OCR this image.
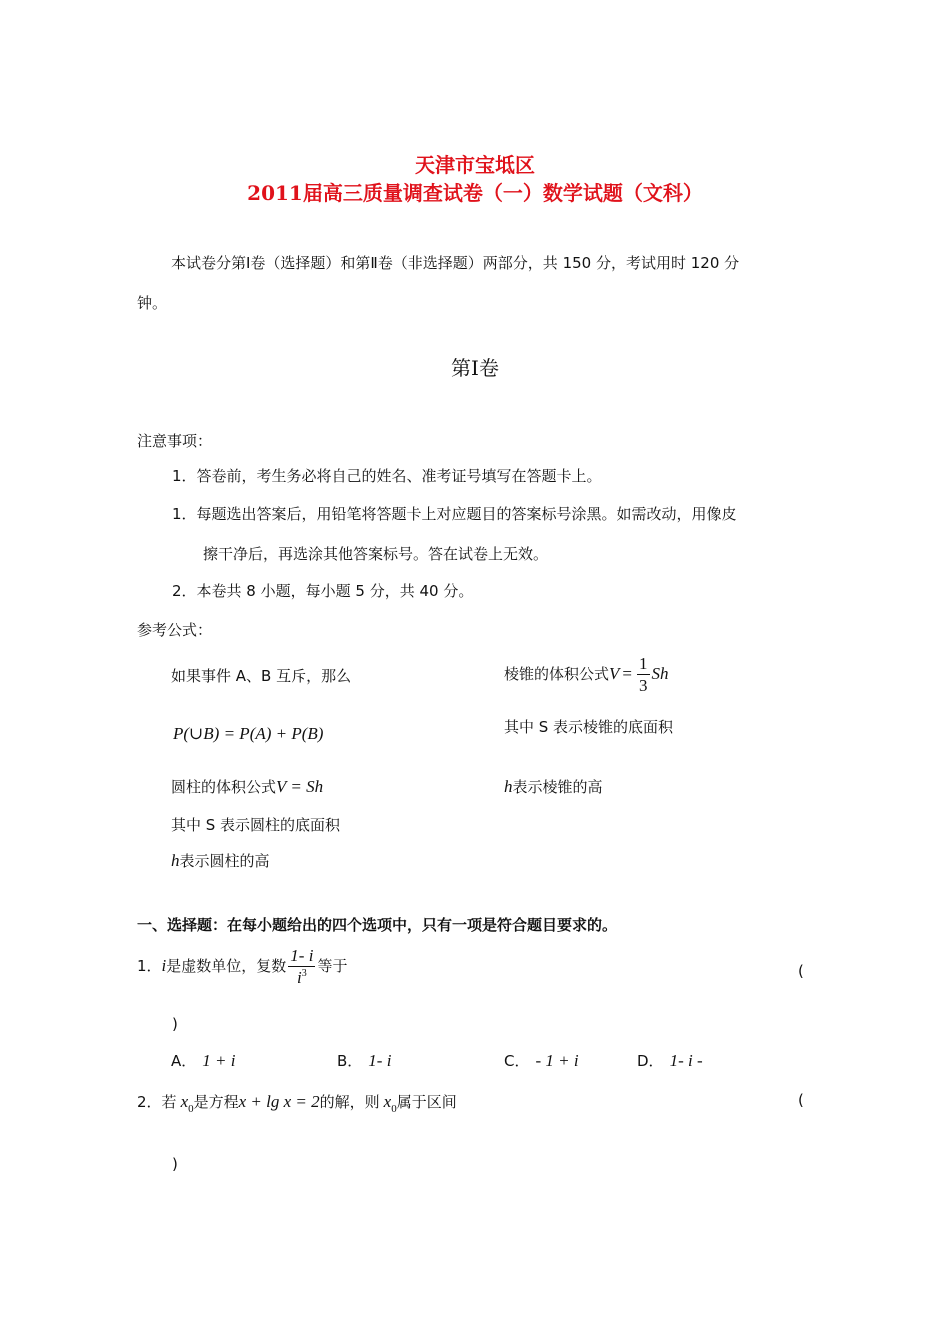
天津市宝坻区
2011届高三质量调查试卷（一）数学试题（文科）
本试卷分第Ⅰ卷（选择题）和第Ⅱ卷（非选择题）两部分，共 150 分，考试用时 120 分
钟。
第Ⅰ卷
注意事项：
1．答卷前，考生务必将自己的姓名、准考证号填写在答题卡上。
1．每题选出答案后，用铅笔将答题卡上对应题目的答案标号涂黑。如需改动，用像皮
擦干净后，再选涂其他答案标号。答在试卷上无效。
2．本卷共 8 小题，每小题 5 分，共 40 分。
参考公式：
如果事件 A、B 互斥，那么
P(∪B) = P(A) + P(B)
圆柱的体积公式V = Sh
其中 S 表示圆柱的底面积
h表示圆柱的高
棱锥的体积公式$V = \frac{1}{3}$ Sh
其中 S 表示棱锥的底面积
h表示棱锥的高
一、选择题：在每小题给出的四个选项中，只有一项是符合题目要求的。
1．i是虚数单位，复数 $\frac{1- i}{i^3}$ 等于	(
)
A． 1 + i	B． 1- i	C． - 1 + i	D． 1- i -
2．若 $x_0$是方程x + lg x = 2的解，则 $x_0$属于区间	(
)
